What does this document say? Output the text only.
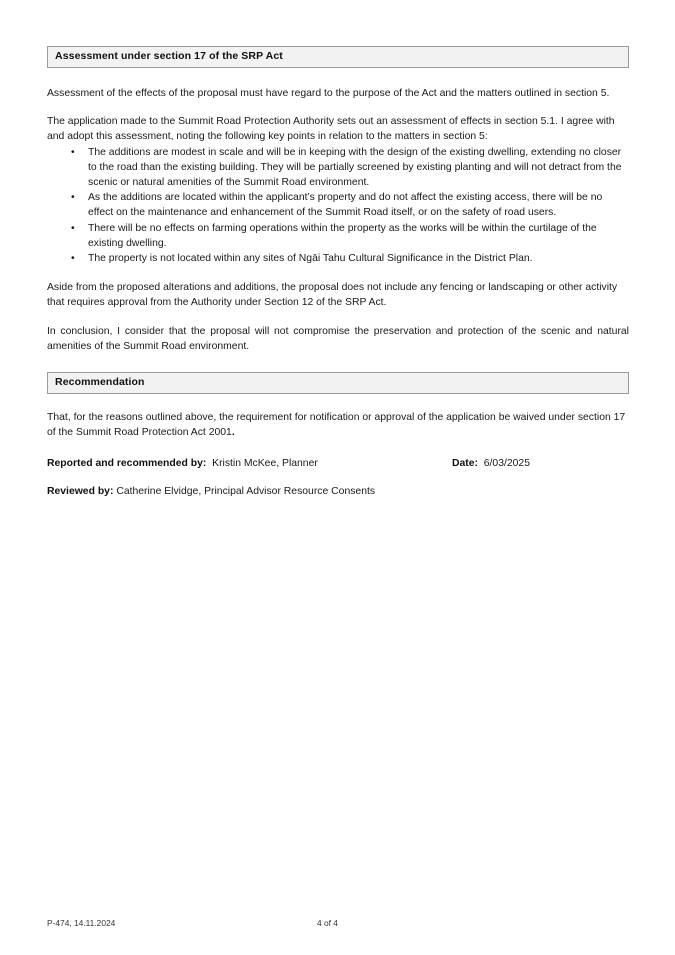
Assessment under section 17 of the SRP Act

Assessment of the effects of the proposal must have regard to the purpose of the Act and the matters outlined in section 5.

The application made to the Summit Road Protection Authority sets out an assessment of effects in section 5.1. I agree with and adopt this assessment, noting the following key points in relation to the matters in section 5:

• The additions are modest in scale and will be in keeping with the design of the existing dwelling, extending no closer to the road than the existing building. They will be partially screened by existing planting and will not detract from the scenic or natural amenities of the Summit Road environment.
• As the additions are located within the applicant’s property and do not affect the existing access, there will be no effect on the maintenance and enhancement of the Summit Road itself, or on the safety of road users.
• There will be no effects on farming operations within the property as the works will be within the curtilage of the existing dwelling.
• The property is not located within any sites of Ngāi Tahu Cultural Significance in the District Plan.

Aside from the proposed alterations and additions, the proposal does not include any fencing or landscaping or other activity that requires approval from the Authority under Section 12 of the SRP Act.

In conclusion, I consider that the proposal will not compromise the preservation and protection of the scenic and natural amenities of the Summit Road environment.

Recommendation

That, for the reasons outlined above, the requirement for notification or approval of the application be waived under section 17 of the Summit Road Protection Act 2001.

Reported and recommended by: Kristin McKee, Planner	Date: 6/03/2025
Reviewed by: Catherine Elvidge, Principal Advisor Resource Consents
P-474, 14.11.2024	4 of 4
